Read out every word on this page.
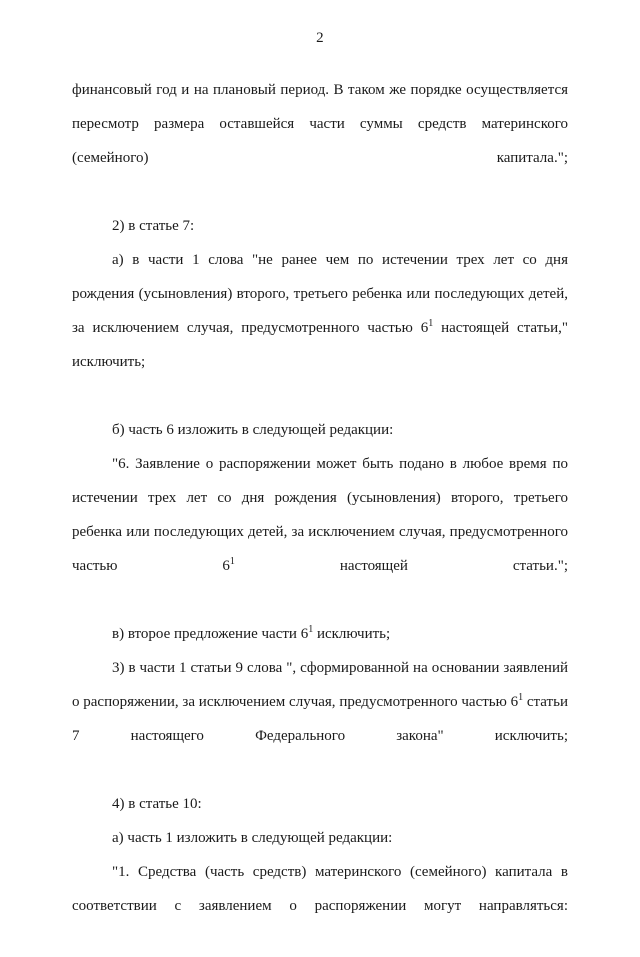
2

финансовый год и на плановый период. В таком же порядке осуществляется пересмотр размера оставшейся части суммы средств материнского (семейного) капитала.";

2) в статье 7:

а) в части 1 слова "не ранее чем по истечении трех лет со дня рождения (усыновления) второго, третьего ребенка или последующих детей, за исключением случая, предусмотренного частью $6^1$ настоящей статьи," исключить;

б) часть 6 изложить в следующей редакции:

"6. Заявление о распоряжении может быть подано в любое время по истечении трех лет со дня рождения (усыновления) второго, третьего ребенка или последующих детей, за исключением случая, предусмотренного частью $6^1$ настоящей статьи.";

в) второе предложение части $6^1$ исключить;

3) в части 1 статьи 9 слова ", сформированной на основании заявлений о распоряжении, за исключением случая, предусмотренного частью $6^1$ статьи 7 настоящего Федерального закона" исключить;

4) в статье 10:

а) часть 1 изложить в следующей редакции:

"1. Средства (часть средств) материнского (семейного) капитала в соответствии с заявлением о распоряжении могут направляться:
